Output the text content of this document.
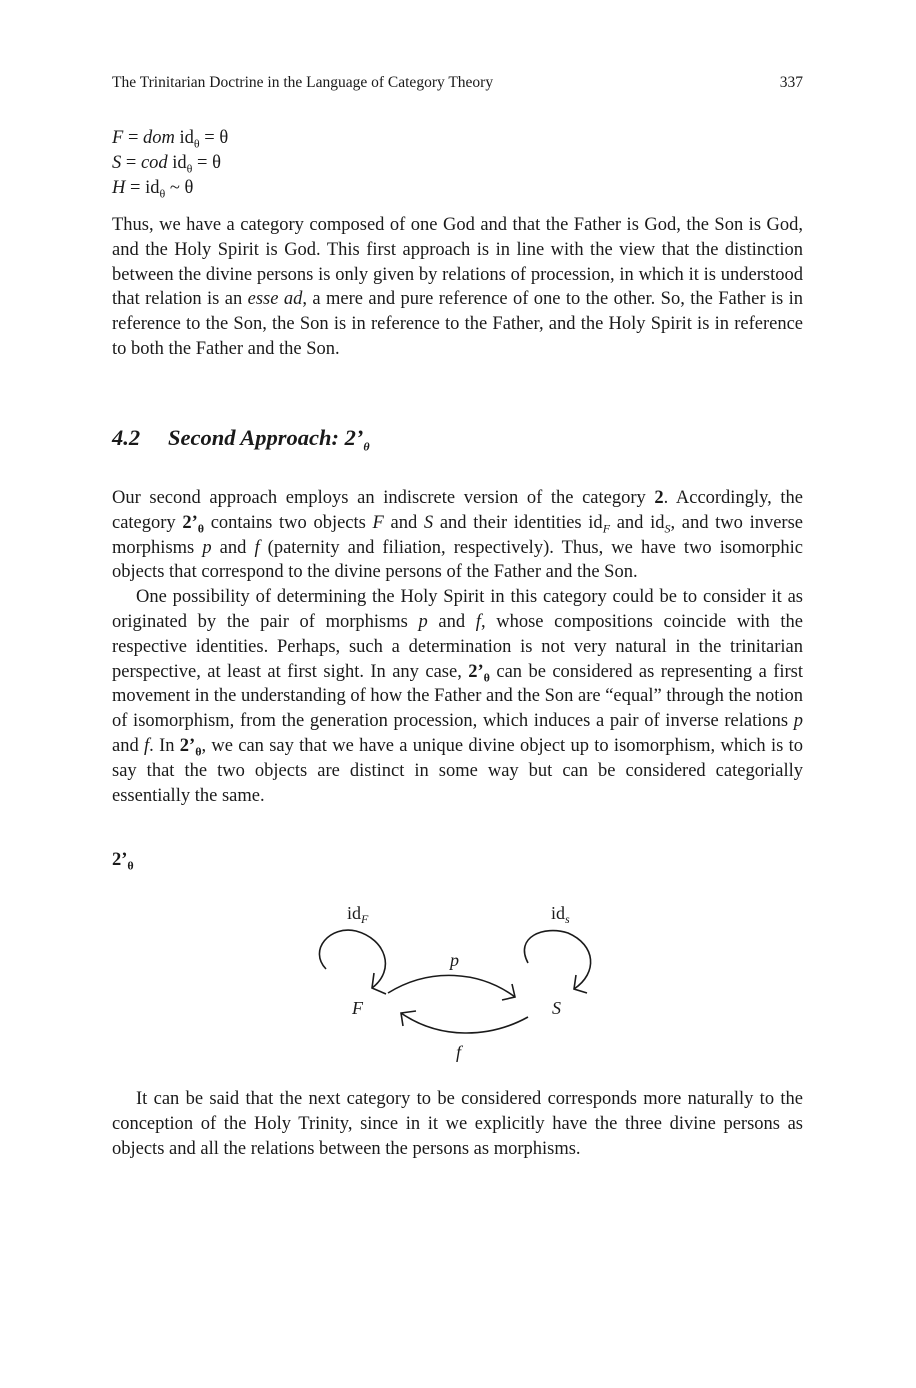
The Trinitarian Doctrine in the Language of Category Theory	337
F = dom $id_\theta = \theta$
S = cod $id_\theta = \theta$
$H = id_\theta$ ~ θ

Thus, we have a category composed of one God and that the Father is God, the Son is God, and the Holy Spirit is God. This first approach is in line with the view that the distinction between the divine persons is only given by relations of procession, in which it is understood that relation is an esse ad, a mere and pure reference of one to the other. So, the Father is in reference to the Son, the Son is in reference to the Father, and the Holy Spirit is in reference to both the Father and the Son.

4.2 Second Approach: $2’_\theta$

Our second approach employs an indiscrete version of the category 2. Accordingly, the category $2’_\theta$ contains two objects F and S and their identities $id_F$ and $id_S$, and two inverse morphisms p and f (paternity and filiation, respectively). Thus, we have two isomorphic objects that correspond to the divine persons of the Father and the Son.

One possibility of determining the Holy Spirit in this category could be to consider it as originated by the pair of morphisms p and f, whose compositions coincide with the respective identities. Perhaps, such a determination is not very natural in the trinitarian perspective, at least at first sight. In any case, $2’_\theta$ can be considered as representing a first movement in the understanding of how the Father and the Son are “equal” through the notion of isomorphism, from the generation procession, which induces a pair of inverse relations p and f. In $2’_\theta$, we can say that we have a unique divine object up to isomorphism, which is to say that the two objects are distinct in some way but can be considered categorially essentially the same.

$2’_\theta$
$id_F$	$id_s$
p
F	S
f

It can be said that the next category to be considered corresponds more naturally to the conception of the Holy Trinity, since in it we explicitly have the three divine persons as objects and all the relations between the persons as morphisms.
